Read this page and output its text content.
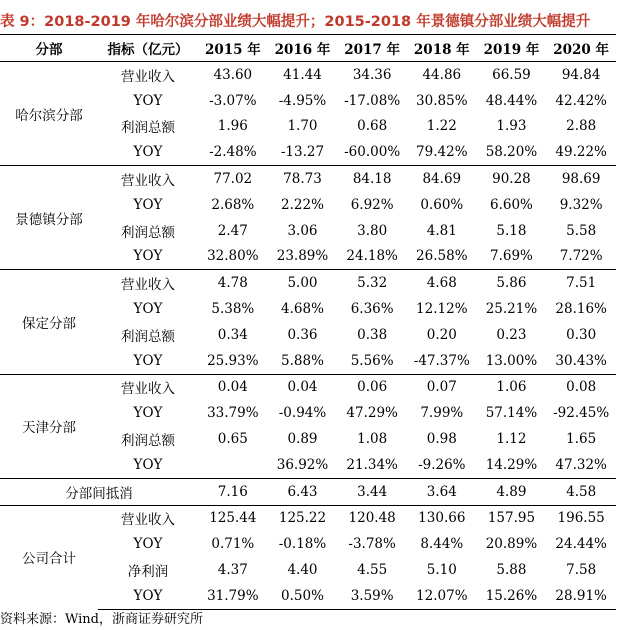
表 9：2018-2019 年哈尔滨分部业绩大幅提升；2015-2018 年景德镇分部业绩大幅提升
分部	指标（亿元）	2015 年	2016 年	2017 年	2018 年	2019 年	2020 年
哈尔滨分部	营业收入	43.60	41.44	34.36	44.86	66.59	94.84
	YOY	-3.07%	-4.95%	-17.08%	30.85%	48.44%	42.42%
	利润总额	1.96	1.70	0.68	1.22	1.93	2.88
	YOY	-2.48%	-13.27	-60.00%	79.42%	58.20%	49.22%
景德镇分部	营业收入	77.02	78.73	84.18	84.69	90.28	98.69
	YOY	2.68%	2.22%	6.92%	0.60%	6.60%	9.32%
	利润总额	2.47	3.06	3.80	4.81	5.18	5.58
	YOY	32.80%	23.89%	24.18%	26.58%	7.69%	7.72%
保定分部	营业收入	4.78	5.00	5.32	4.68	5.86	7.51
	YOY	5.38%	4.68%	6.36%	12.12%	25.21%	28.16%
	利润总额	0.34	0.36	0.38	0.20	0.23	0.30
	YOY	25.93%	5.88%	5.56%	-47.37%	13.00%	30.43%
天津分部	营业收入	0.04	0.04	0.06	0.07	1.06	0.08
	YOY	33.79%	-0.94%	47.29%	7.99%	57.14%	-92.45%
	利润总额	0.65	0.89	1.08	0.98	1.12	1.65
	YOY		36.92%	21.34%	-9.26%	14.29%	47.32%
分部间抵消		7.16	6.43	3.44	3.64	4.89	4.58
公司合计	营业收入	125.44	125.22	120.48	130.66	157.95	196.55
	YOY	0.71%	-0.18%	-3.78%	8.44%	20.89%	24.44%
	净利润	4.37	4.40	4.55	5.10	5.88	7.58
	YOY	31.79%	0.50%	3.59%	12.07%	15.26%	28.91%
资料来源：Wind，浙商证券研究所
